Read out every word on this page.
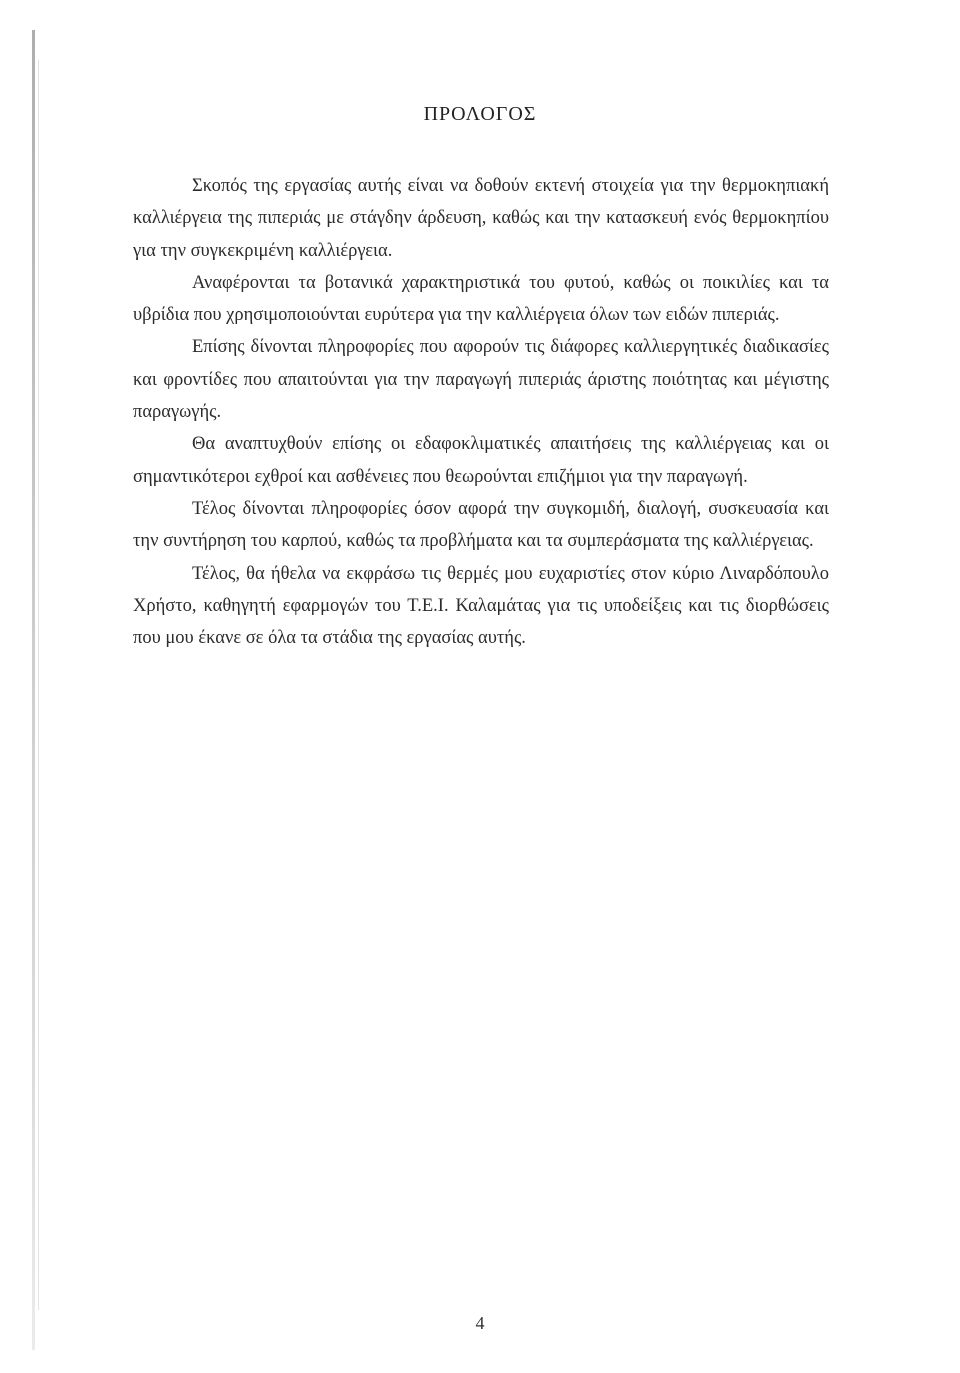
ΠΡΟΛΟΓΟΣ

Σκοπός της εργασίας αυτής είναι να δοθούν εκτενή στοιχεία για την θερμοκηπιακή καλλιέργεια της πιπεριάς με στάγδην άρδευση, καθώς και την κατασκευή ενός θερμοκηπίου για την συγκεκριμένη καλλιέργεια.

Αναφέρονται τα βοτανικά χαρακτηριστικά του φυτού, καθώς οι ποικιλίες και τα υβρίδια που χρησιμοποιούνται ευρύτερα για την καλλιέργεια όλων των ειδών πιπεριάς.

Επίσης δίνονται πληροφορίες που αφορούν τις διάφορες καλλιεργητικές διαδικασίες και φροντίδες που απαιτούνται για την παραγωγή πιπεριάς άριστης ποιότητας και μέγιστης παραγωγής.

Θα αναπτυχθούν επίσης οι εδαφοκλιματικές απαιτήσεις της καλλιέργειας και οι σημαντικότεροι εχθροί και ασθένειες που θεωρούνται επιζήμιοι για την παραγωγή.

Τέλος δίνονται πληροφορίες όσον αφορά την συγκομιδή, διαλογή, συσκευασία και την συντήρηση του καρπού, καθώς τα προβλήματα και τα συμπεράσματα της καλλιέργειας.

Τέλος, θα ήθελα να εκφράσω τις θερμές μου ευχαριστίες στον κύριο Λιναρδόπουλο Χρήστο, καθηγητή εφαρμογών του Τ.Ε.Ι. Καλαμάτας για τις υποδείξεις και τις διορθώσεις που μου έκανε σε όλα τα στάδια της εργασίας αυτής.

4
